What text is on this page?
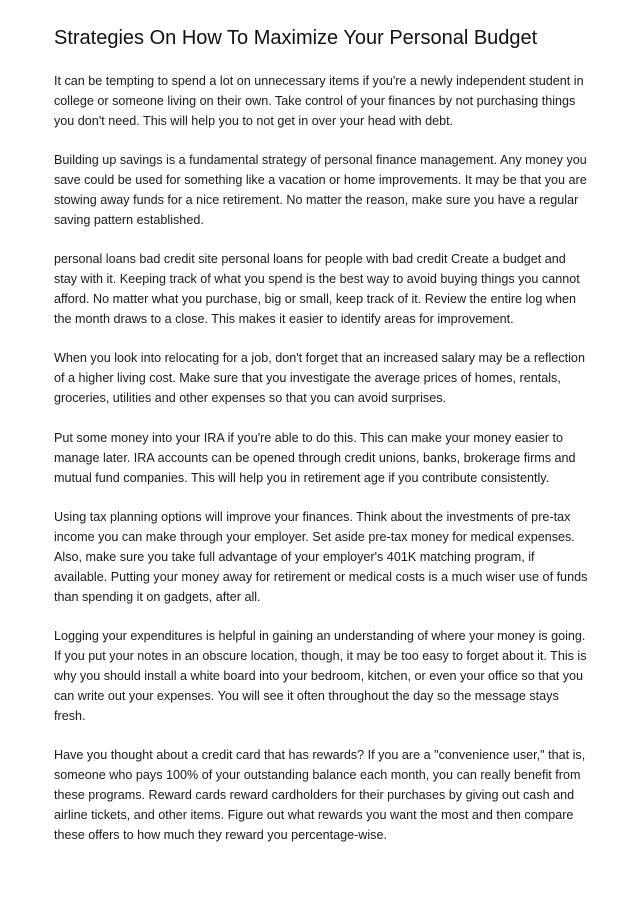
Strategies On How To Maximize Your Personal Budget

It can be tempting to spend a lot on unnecessary items if you're a newly independent student in college or someone living on their own. Take control of your finances by not purchasing things you don't need. This will help you to not get in over your head with debt.

Building up savings is a fundamental strategy of personal finance management. Any money you save could be used for something like a vacation or home improvements. It may be that you are stowing away funds for a nice retirement. No matter the reason, make sure you have a regular saving pattern established.

personal loans bad credit site personal loans for people with bad credit Create a budget and stay with it. Keeping track of what you spend is the best way to avoid buying things you cannot afford. No matter what you purchase, big or small, keep track of it. Review the entire log when the month draws to a close. This makes it easier to identify areas for improvement.

When you look into relocating for a job, don't forget that an increased salary may be a reflection of a higher living cost. Make sure that you investigate the average prices of homes, rentals, groceries, utilities and other expenses so that you can avoid surprises.

Put some money into your IRA if you're able to do this. This can make your money easier to manage later. IRA accounts can be opened through credit unions, banks, brokerage firms and mutual fund companies. This will help you in retirement age if you contribute consistently.

Using tax planning options will improve your finances. Think about the investments of pre-tax income you can make through your employer. Set aside pre-tax money for medical expenses. Also, make sure you take full advantage of your employer's 401K matching program, if available. Putting your money away for retirement or medical costs is a much wiser use of funds than spending it on gadgets, after all.

Logging your expenditures is helpful in gaining an understanding of where your money is going. If you put your notes in an obscure location, though, it may be too easy to forget about it. This is why you should install a white board into your bedroom, kitchen, or even your office so that you can write out your expenses. You will see it often throughout the day so the message stays fresh.

Have you thought about a credit card that has rewards? If you are a "convenience user," that is, someone who pays 100% of your outstanding balance each month, you can really benefit from these programs. Reward cards reward cardholders for their purchases by giving out cash and airline tickets, and other items. Figure out what rewards you want the most and then compare these offers to how much they reward you percentage-wise.
